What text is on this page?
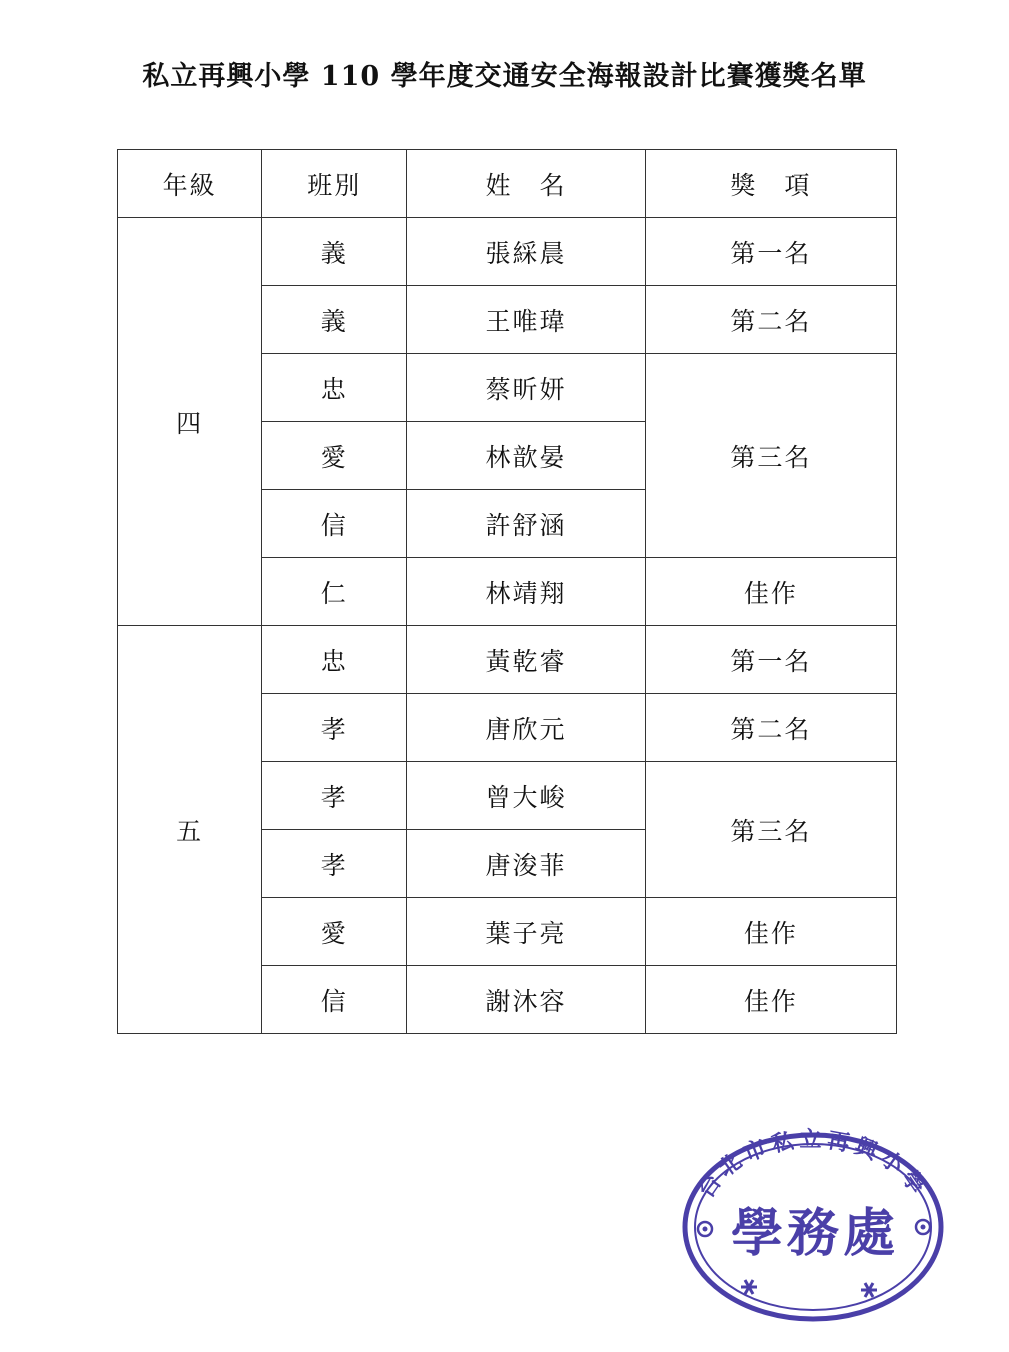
私立再興小學 110 學年度交通安全海報設計比賽獲獎名單
年級	班別	姓　名	獎　項
四	義	張綵晨	第一名
	義	王唯瑋	第二名
	忠	蔡昕妍	第三名
	愛	林歆晏	
	信	許舒涵	
	仁	林靖翔	佳作
五	忠	黃乾睿	第一名
	孝	唐欣元	第二名
	孝	曾大峻	第三名
	孝	唐浚菲	
	愛	葉子亮	佳作
	信	謝沐容	佳作
台北市私立再興小學
學務處
